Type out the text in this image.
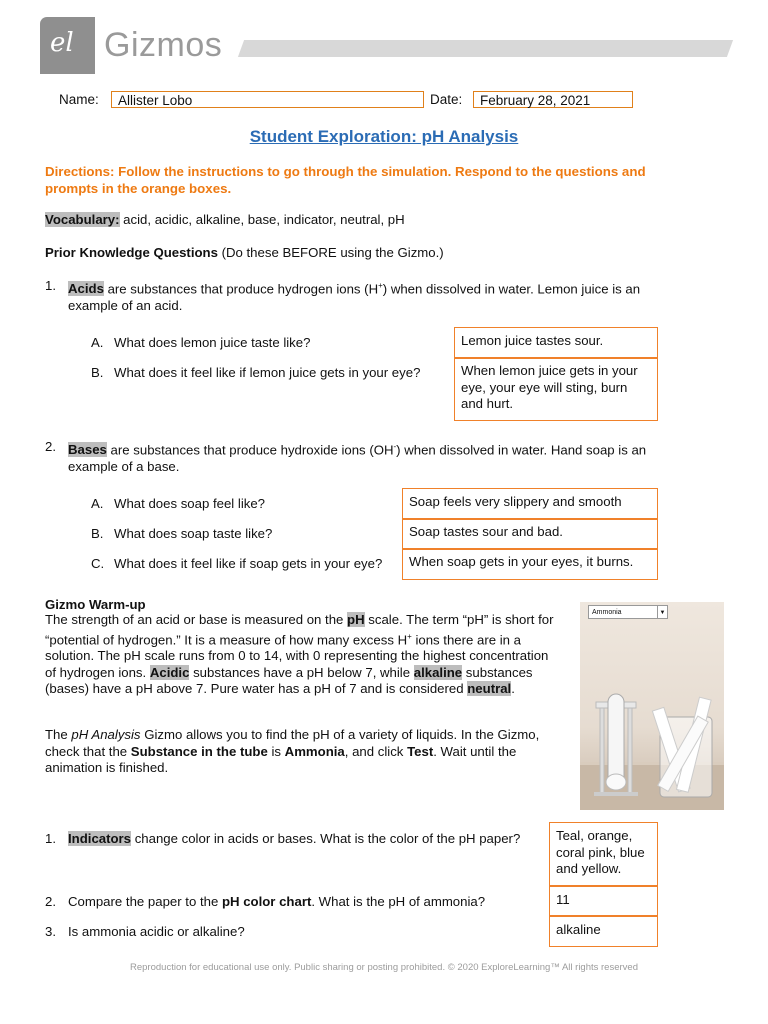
el Gizmos
Name:	Allister Lobo	Date:	February 28, 2021
Student Exploration: pH Analysis
Directions: Follow the instructions to go through the simulation. Respond to the questions and prompts in the orange boxes.
Vocabulary: acid, acidic, alkaline, base, indicator, neutral, pH
Prior Knowledge Questions (Do these BEFORE using the Gizmo.)
1. Acids are substances that produce hydrogen ions (H+) when dissolved in water. Lemon juice is an example of an acid.
A. What does lemon juice taste like?	Lemon juice tastes sour.
B. What does it feel like if lemon juice gets in your eye?	When lemon juice gets in your eye, your eye will sting, burn and hurt.
2. Bases are substances that produce hydroxide ions (OH-) when dissolved in water. Hand soap is an example of a base.
A. What does soap feel like?	Soap feels very slippery and smooth
B. What does soap taste like?	Soap tastes sour and bad.
C. What does it feel like if soap gets in your eye?	When soap gets in your eyes, it burns.
Gizmo Warm-up
The strength of an acid or base is measured on the pH scale. The term “pH” is short for “potential of hydrogen.” It is a measure of how many excess H+ ions there are in a solution. The pH scale runs from 0 to 14, with 0 representing the highest concentration of hydrogen ions. Acidic substances have a pH below 7, while alkaline substances (bases) have a pH above 7. Pure water has a pH of 7 and is considered neutral.
The pH Analysis Gizmo allows you to find the pH of a variety of liquids. In the Gizmo, check that the Substance in the tube is Ammonia, and click Test. Wait until the animation is finished.
Ammonia	▼
1. Indicators change color in acids or bases. What is the color of the pH paper?	Teal, orange, coral pink, blue and yellow.
2. Compare the paper to the pH color chart. What is the pH of ammonia?	11
3. Is ammonia acidic or alkaline?	alkaline
Reproduction for educational use only. Public sharing or posting prohibited. © 2020 ExploreLearning™ All rights reserved
